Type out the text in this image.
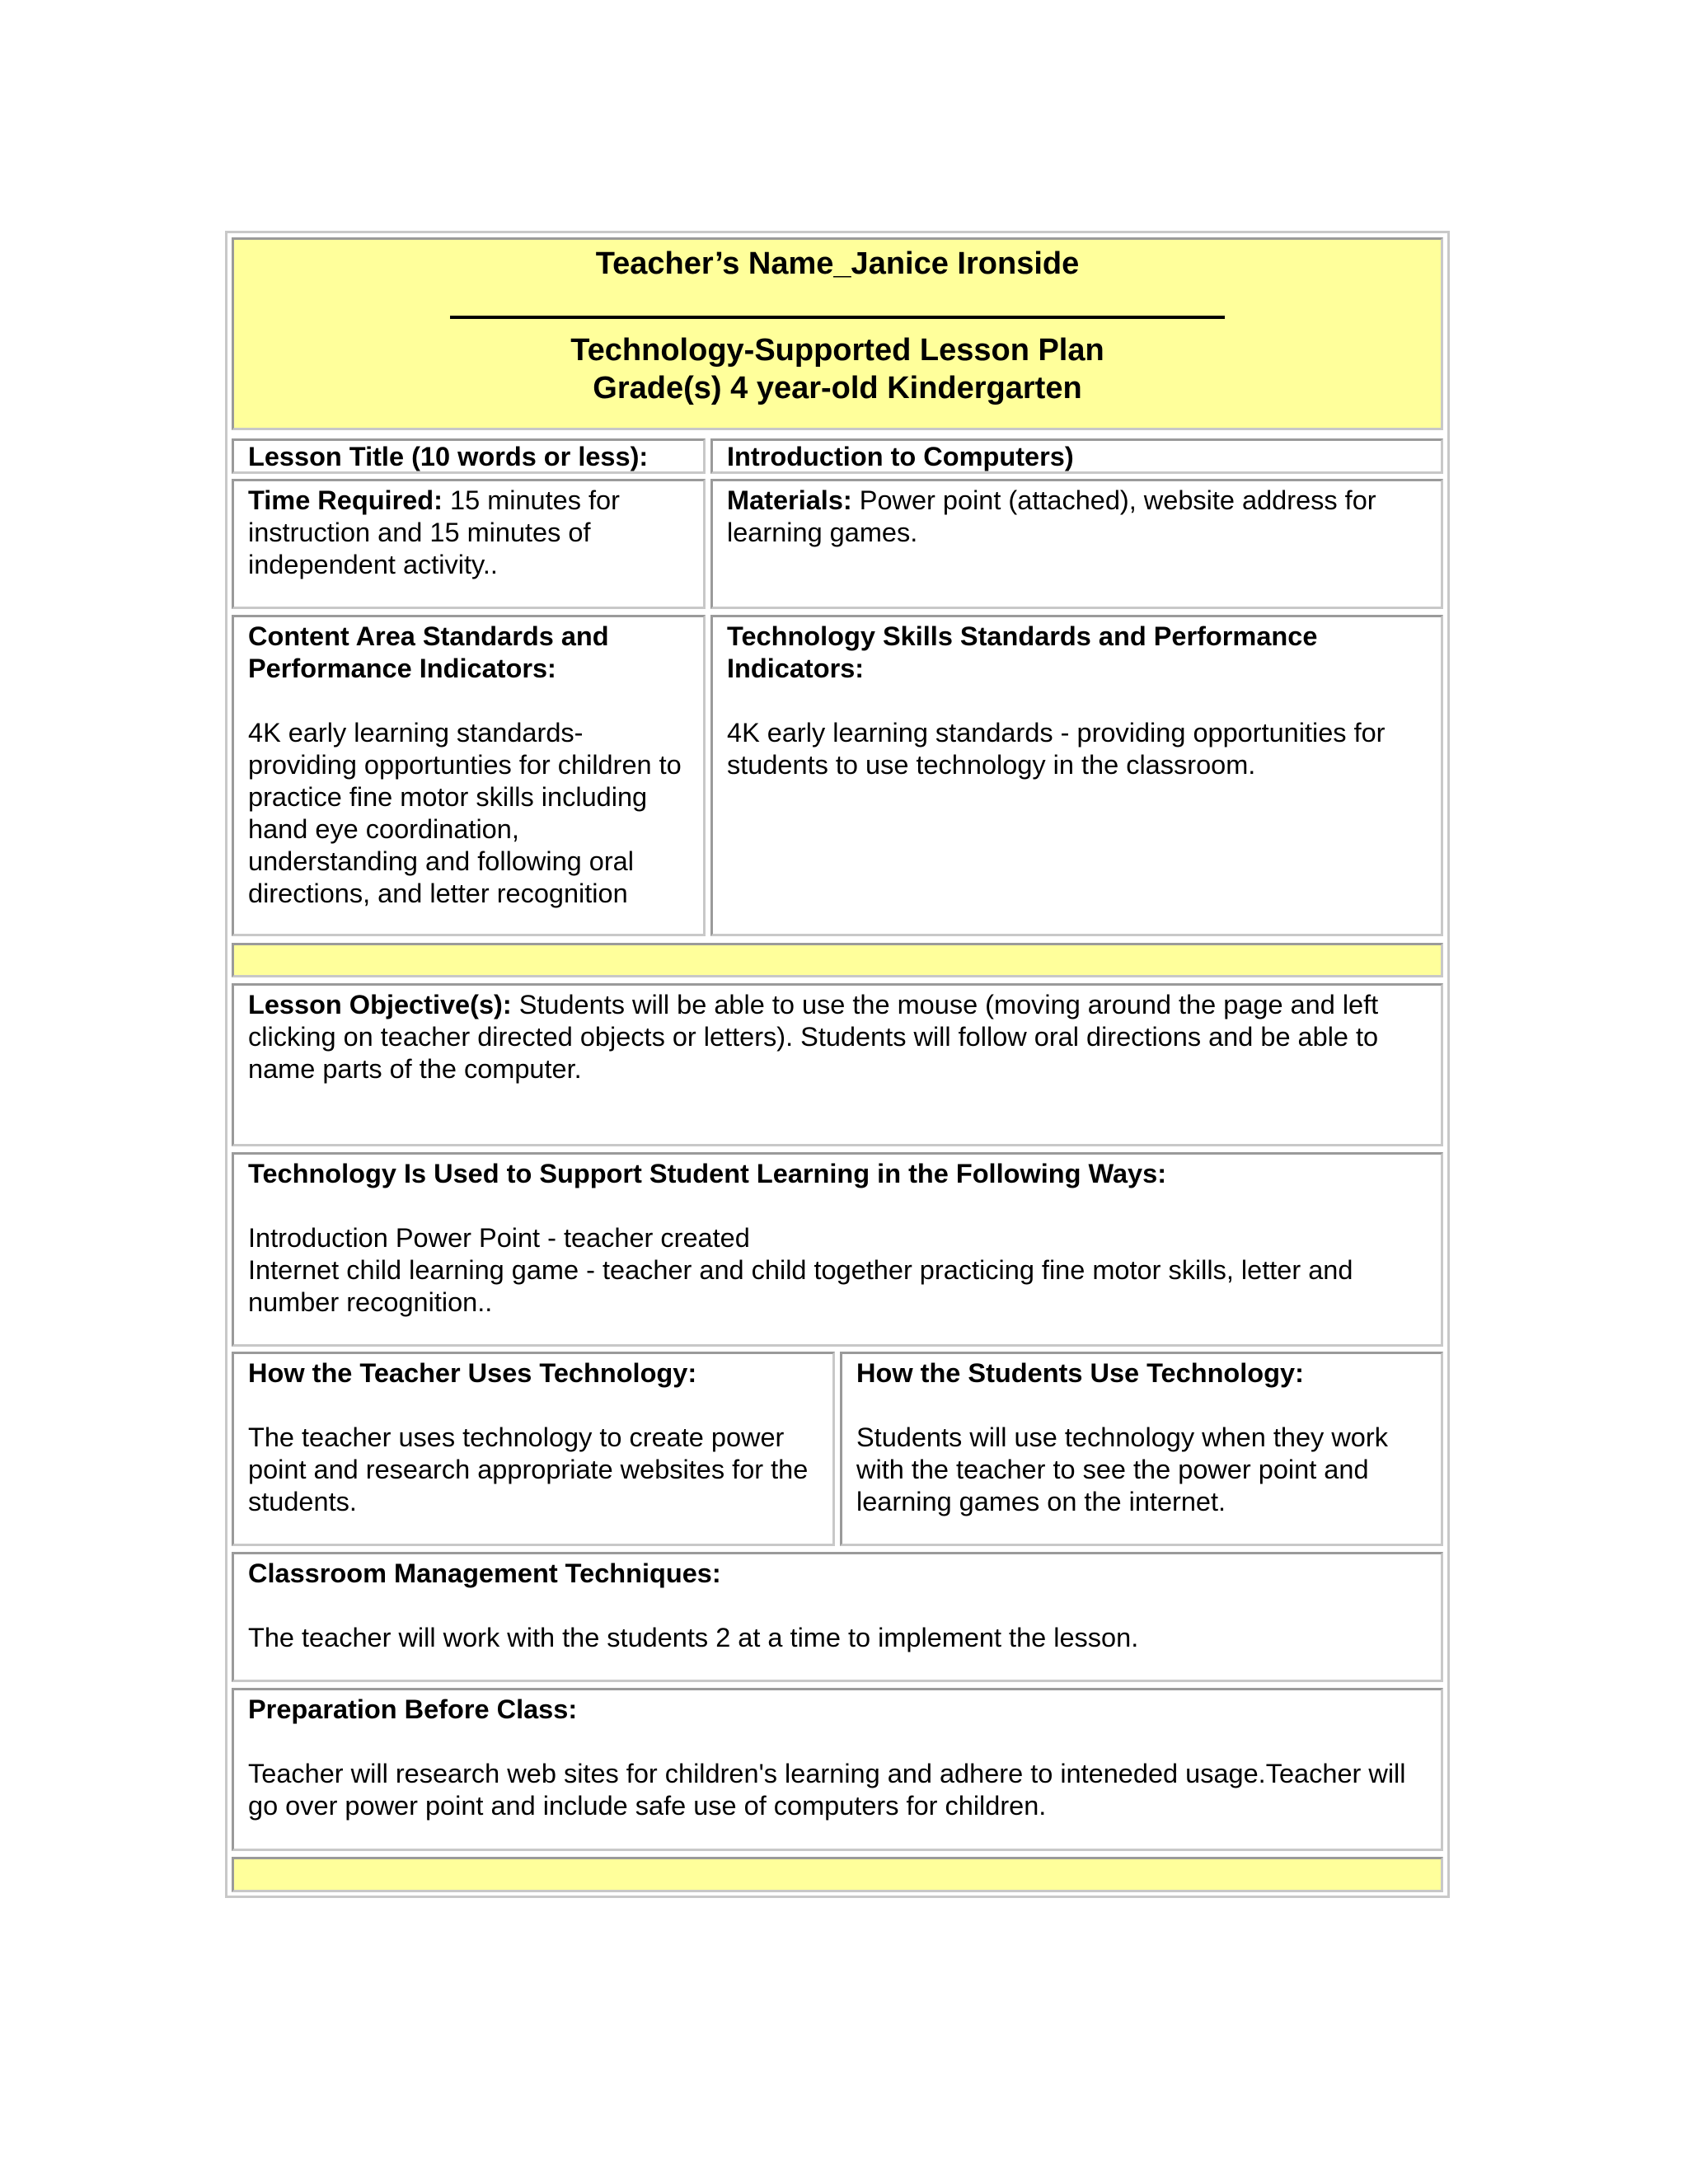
Teacher’s Name_Janice Ironside

Technology-Supported Lesson Plan

Grade(s) 4 year-old Kindergarten

Lesson Title (10 words or less):	Introduction to Computers)
Time Required: 15 minutes for instruction and 15 minutes of independent activity..
Materials: Power point (attached), website address for learning games.

Content Area Standards and Performance Indicators:

4K early learning standards- providing opportunties for children to practice fine motor skills including hand eye coordination, understanding and following oral directions, and letter recognition

Technology Skills Standards and Performance Indicators:

4K early learning standards - providing opportunities for students to use technology in the classroom.

Lesson Objective(s): Students will be able to use the mouse (moving around the page and left clicking on teacher directed objects or letters). Students will follow oral directions and be able to name parts of the computer.

Technology Is Used to Support Student Learning in the Following Ways:

Introduction Power Point - teacher created

Internet child learning game - teacher and child together practicing fine motor skills, letter and number recognition..

How the Teacher Uses Technology:

The teacher uses technology to create power point and research appropriate websites for the students.

How the Students Use Technology:

Students will use technology when they work with the teacher to see the power point and learning games on the internet.

Classroom Management Techniques:

The teacher will work with the students 2 at a time to implement the lesson.

Preparation Before Class:

Teacher will research web sites for children's learning and adhere to inteneded usage.Teacher will go over power point and include safe use of computers for children.
